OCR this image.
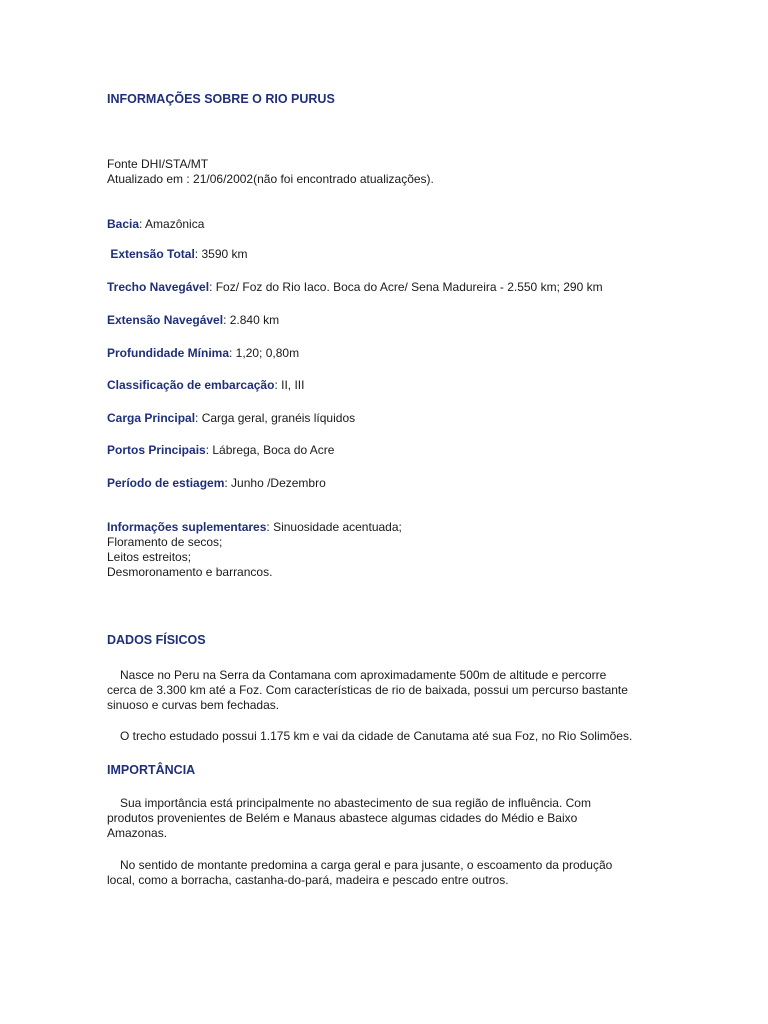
INFORMAÇÕES SOBRE O RIO PURUS
Fonte DHI/STA/MT
Atualizado em : 21/06/2002(não foi encontrado atualizações).
Bacia: Amazônica
Extensão Total: 3590 km
Trecho Navegável: Foz/ Foz do Rio Iaco. Boca do Acre/ Sena Madureira - 2.550 km; 290 km
Extensão Navegável: 2.840 km
Profundidade Mínima: 1,20; 0,80m
Classificação de embarcação: II, III
Carga Principal: Carga geral, granéis líquidos
Portos Principais: Lábrega, Boca do Acre
Período de estiagem: Junho /Dezembro
Informações suplementares: Sinuosidade acentuada;
Floramento de secos;
Leitos estreitos;
Desmoronamento e barrancos.
DADOS FÍSICOS
Nasce no Peru na Serra da Contamana com aproximadamente 500m de altitude e percorre
cerca de 3.300 km até a Foz. Com características de rio de baixada, possui um percurso bastante
sinuoso e curvas bem fechadas.
O trecho estudado possui 1.175 km e vai da cidade de Canutama até sua Foz, no Rio Solimões.
IMPORTÂNCIA
Sua importância está principalmente no abastecimento de sua região de influência. Com
produtos provenientes de Belém e Manaus abastece algumas cidades do Médio e Baixo
Amazonas.
No sentido de montante predomina a carga geral e para jusante, o escoamento da produção
local, como a borracha, castanha-do-pará, madeira e pescado entre outros.
